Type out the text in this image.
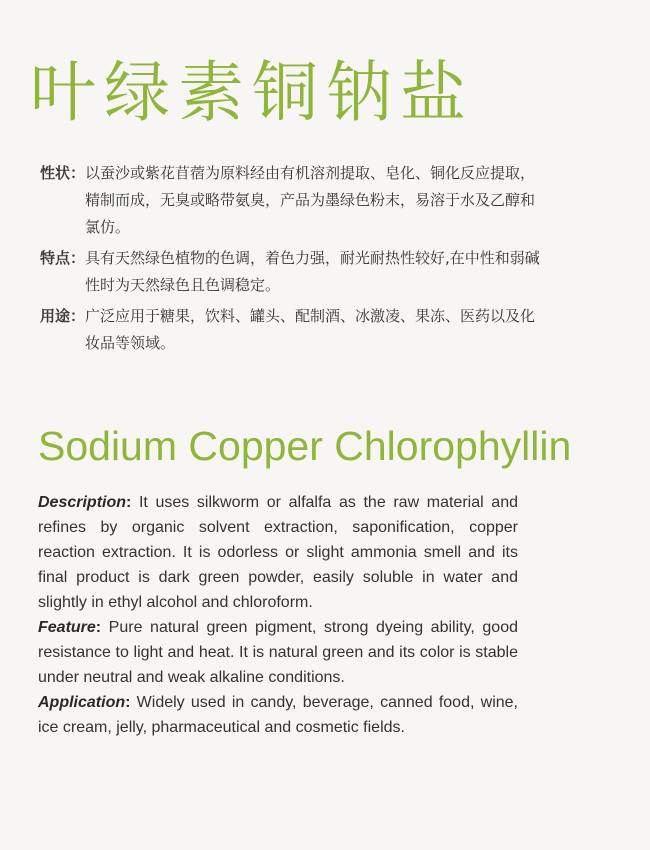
叶绿素铜钠盐
性状： 以蚕沙或紫花苜蓿为原料经由有机溶剂提取、皂化、铜化反应提取，精制而成，无臭或略带氨臭，产品为墨绿色粉末，易溶于水及乙醇和氯仿。
特点： 具有天然绿色植物的色调，着色力强，耐光耐热性较好,在中性和弱碱性时为天然绿色且色调稳定。
用途： 广泛应用于糖果，饮料、罐头、配制酒、冰激凌、果冻、医药以及化妆品等领域。
Sodium Copper Chlorophyllin

Description: It uses silkworm or alfalfa as the raw material and refines by organic solvent extraction, saponification, copper reaction extraction. It is odorless or slight ammonia smell and its final product is dark green powder, easily soluble in water and slightly in ethyl alcohol and chloroform.

Feature: Pure natural green pigment, strong dyeing ability, good resistance to light and heat. It is natural green and its color is stable under neutral and weak alkaline conditions.

Application: Widely used in candy, beverage, canned food, wine, ice cream, jelly, pharmaceutical and cosmetic fields.
